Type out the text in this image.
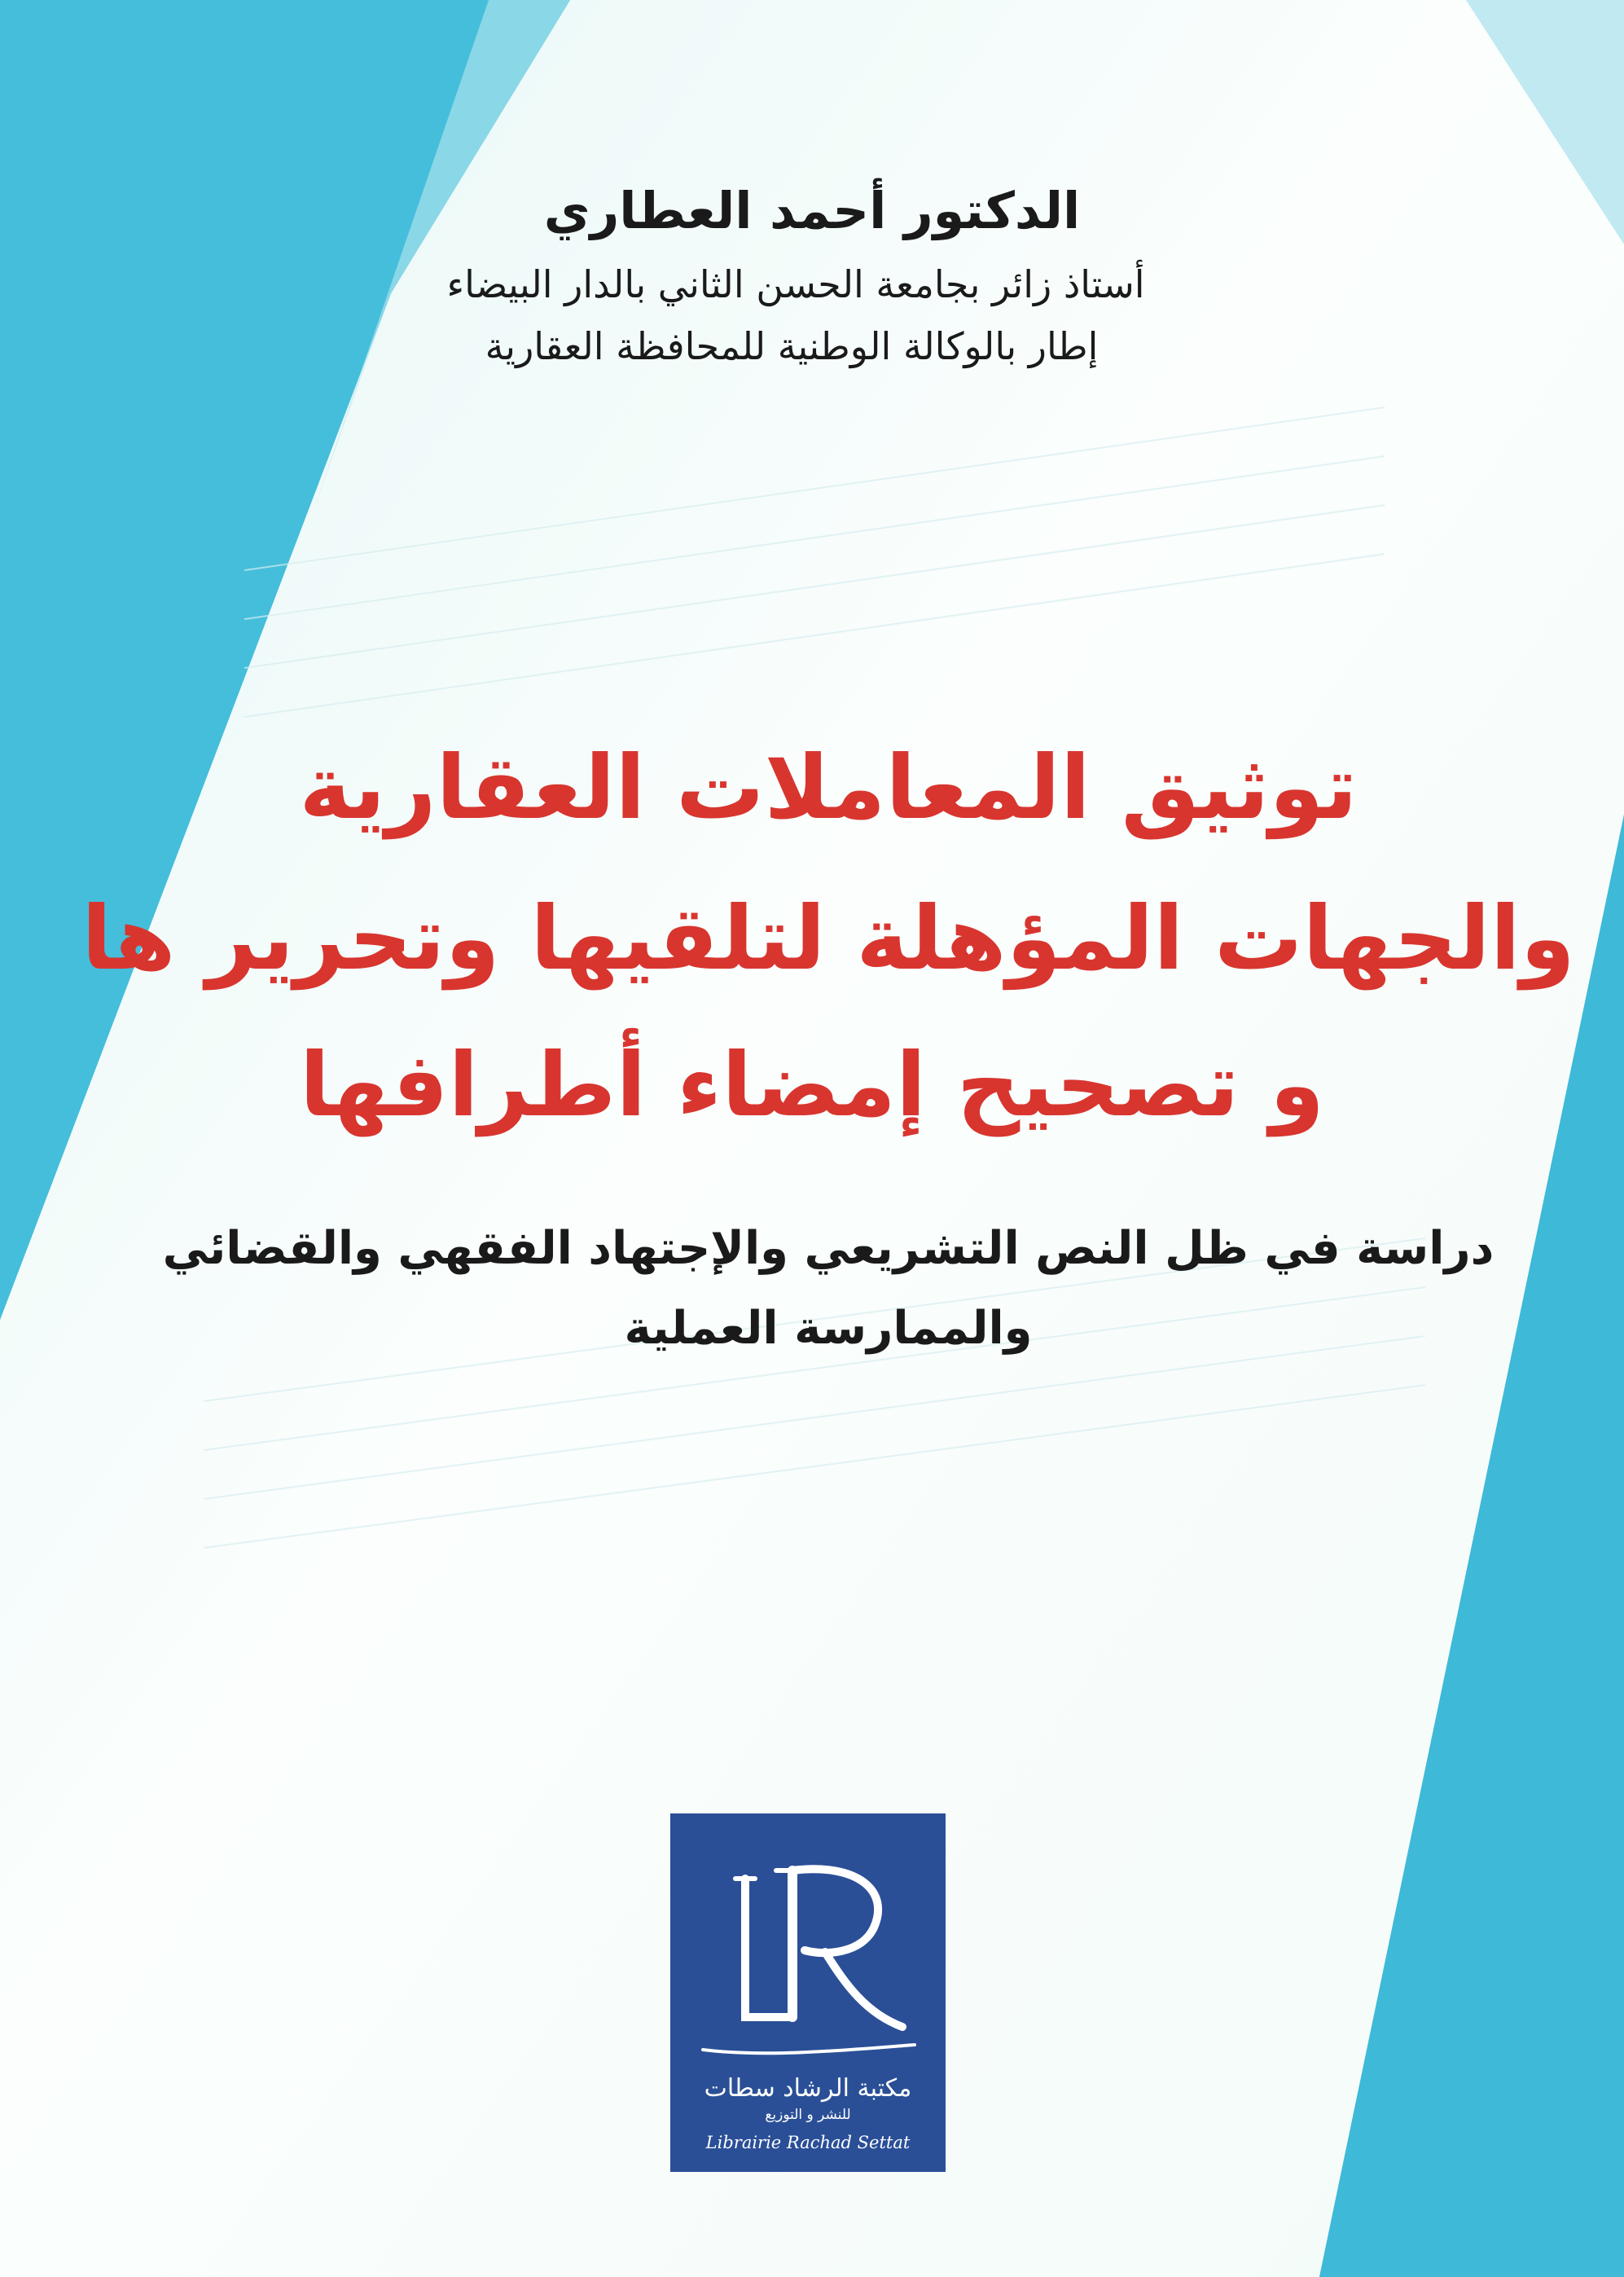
الدكتور أحمد العطاري
أستاذ زائر بجامعة الحسن الثاني بالدار البيضاء
إطار بالوكالة الوطنية للمحافظة العقارية
توثيق المعاملات العقارية
والجهات المؤهلة لتلقيها وتحرير ها
و تصحيح إمضاء أطرافها
دراسة في ظل النص التشريعي والإجتهاد الفقهي والقضائي
والممارسة العملية
مكتبة الرشاد سطات
للنشر و التوزيع
Librairie Rachad Settat
